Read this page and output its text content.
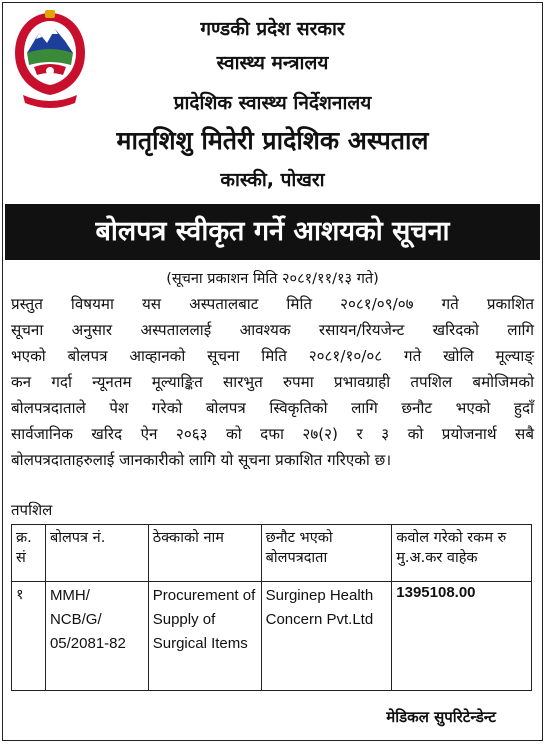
गण्डकी प्रदेश सरकार
स्वास्थ्य मन्त्रालय
प्रादेशिक स्वास्थ्य निर्देशनालय
मातृशिशु मितेरी प्रादेशिक अस्पताल
कास्की, पोखरा
बोलपत्र स्वीकृत गर्ने आशयको सूचना
(सूचना प्रकाशन मिति २०८१/११/१३ गते)
प्रस्तुत विषयमा यस अस्पतालबाट मिति २०८१/०९/०७ गते प्रकाशित
सूचना अनुसार अस्पताललाई आवश्यक रसायन/रियजेन्ट खरिदको लागि
भएको बोलपत्र आव्हानको सूचना मिति २०८१/१०/०८ गते खोलि मूल्याङ्
कन गर्दा न्यूनतम मूल्याङ्कित सारभुत रुपमा प्रभावग्राही तपशिल बमोजिमको
बोलपत्रदाताले पेश गरेको बोलपत्र स्विकृतिको लागि छनौट भएको हुदाँ
सार्वजानिक खरिद ऐन २०६३ को दफा २७(२) र ३ को प्रयोजनार्थ सबै
बोलपत्रदाताहरुलाई जानकारीको लागि यो सूचना प्रकाशित गरिएको छ।
तपशिल
क्र. सं	बोलपत्र नं.	ठेक्काको नाम	छनौट भएको बोलपत्रदाता	कवोल गरेको रकम रु मु.अ.कर वाहेक
१	MMH/ NCB/G/ 05/2081-82	Procurement of Supply of Surgical Items	Surginep Health Concern Pvt.Ltd	1395108.00
मेडिकल सुपरिटेन्डेन्ट
